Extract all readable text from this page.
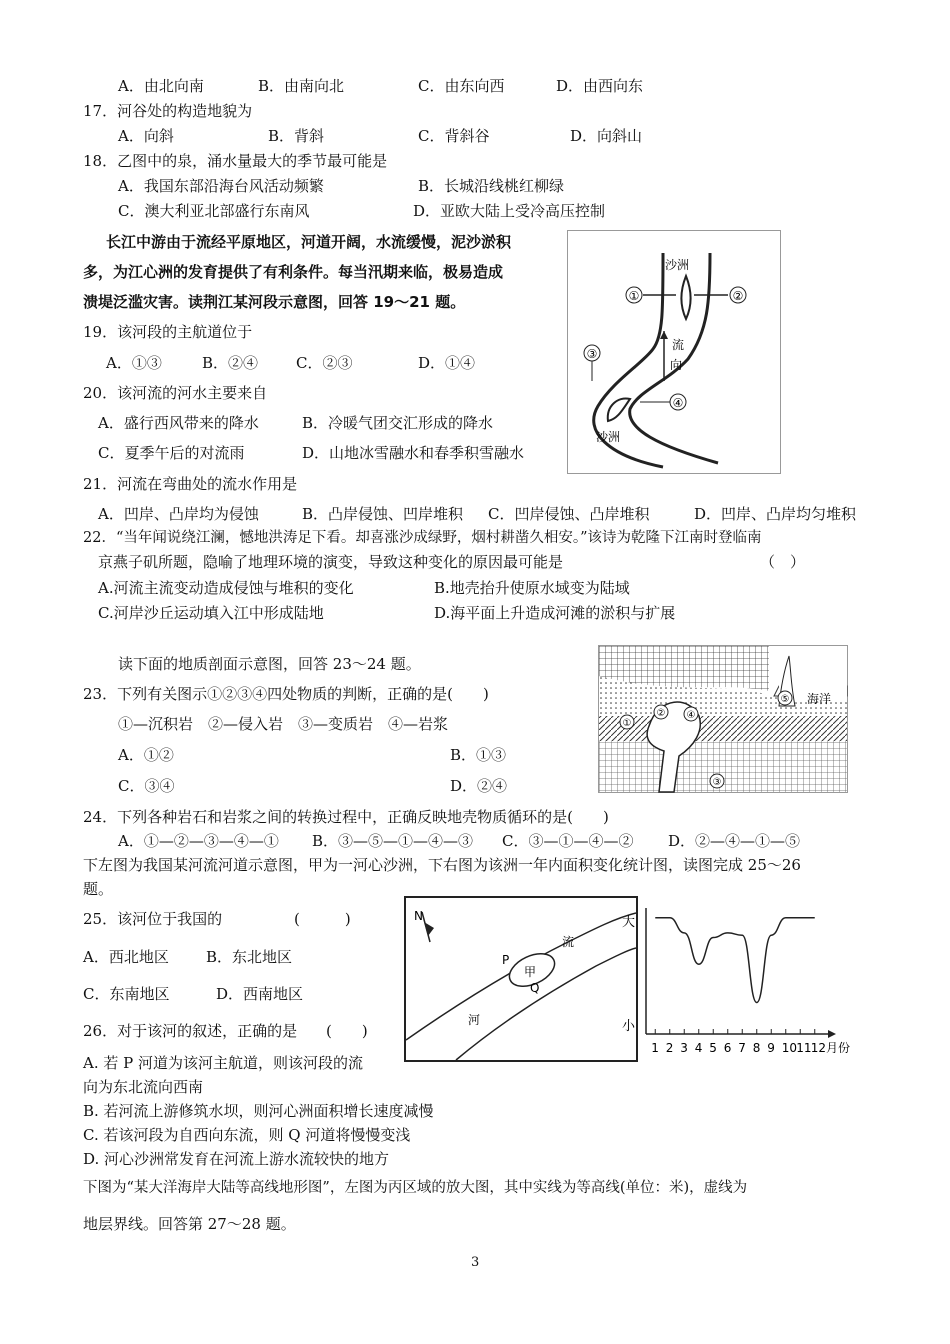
A．由北向南	B．由南向北	C．由东向西	D．由西向东
17．河谷处的构造地貌为
A．向斜	B．背斜	C．背斜谷	D．向斜山
18．乙图中的泉，涌水量最大的季节最可能是
A．我国东部沿海台风活动频繁	B．长城沿线桃红柳绿
C．澳大利亚北部盛行东南风	D．亚欧大陆上受冷高压控制
长江中游由于流经平原地区，河道开阔，水流缓慢，泥沙淤积
多，为江心洲的发育提供了有利条件。每当汛期来临，极易造成
溃堤泛滥灾害。读荆江某河段示意图，回答 19～21 题。	①	②
③
④
沙洲
沙洲
流
向
19．该河段的主航道位于
A．①③	B．②④	C．②③	D．①④
20．该河流的河水主要来自
A．盛行西风带来的降水	B．冷暖气团交汇形成的降水
C．夏季午后的对流雨	D．山地冰雪融水和春季积雪融水
21．河流在弯曲处的流水作用是
A．凹岸、凸岸均为侵蚀	B．凸岸侵蚀、凹岸堆积 C．凹岸侵蚀、凸岸堆积	D．凹岸、凸岸均匀堆积
22．“当年闻说绕江澜，憾地洪涛足下看。却喜涨沙成绿野，烟村耕凿久相安。”该诗为乾隆下江南时登临南
京燕子矶所题，隐喻了地理环境的演变，导致这种变化的原因最可能是	（　）
A.河流主流变动造成侵蚀与堆积的变化	B.地壳抬升使原水域变为陆域
C.河岸沙丘运动填入江中形成陆地	D.海平面上升造成河滩的淤积与扩展
读下面的地质剖面示意图，回答 23～24 题。
①
② ④
③
⑤ 海洋
23．下列有关图示①②③④四处物质的判断，正确的是(　　)
①—沉积岩　②—侵入岩　③—变质岩　④—岩浆
A．①②	B．①③
C．③④	D．②④
24．下列各种岩石和岩浆之间的转换过程中，正确反映地壳物质循环的是(　　)
A．①—②—③—④—① B．③—⑤—①—④—③ C．③—①—④—② D．②—④—①—⑤
下左图为我国某河流河道示意图，甲为一河心沙洲，下右图为该洲一年内面积变化统计图，读图完成 25～26
题。
25．该河位于我国的	(　　　)
A．西北地区 B．东北地区
C．东南地区	D．西南地区
N
流
河
甲
P
Q
大
小
1 2 3 4 5 6 7 8 9 10 11 12月份
26．对于该河的叙述，正确的是 (　　)
A. 若 P 河道为该河主航道，则该河段的流
向为东北流向西南
B. 若河流上游修筑水坝，则河心洲面积增长速度减慢
C. 若该河段为自西向东流，则 Q 河道将慢慢变浅
D. 河心沙洲常发育在河流上游水流较快的地方
下图为“某大洋海岸大陆等高线地形图”，左图为丙区域的放大图，其中实线为等高线(单位：米)，虚线为
地层界线。回答第 27～28 题。
3
